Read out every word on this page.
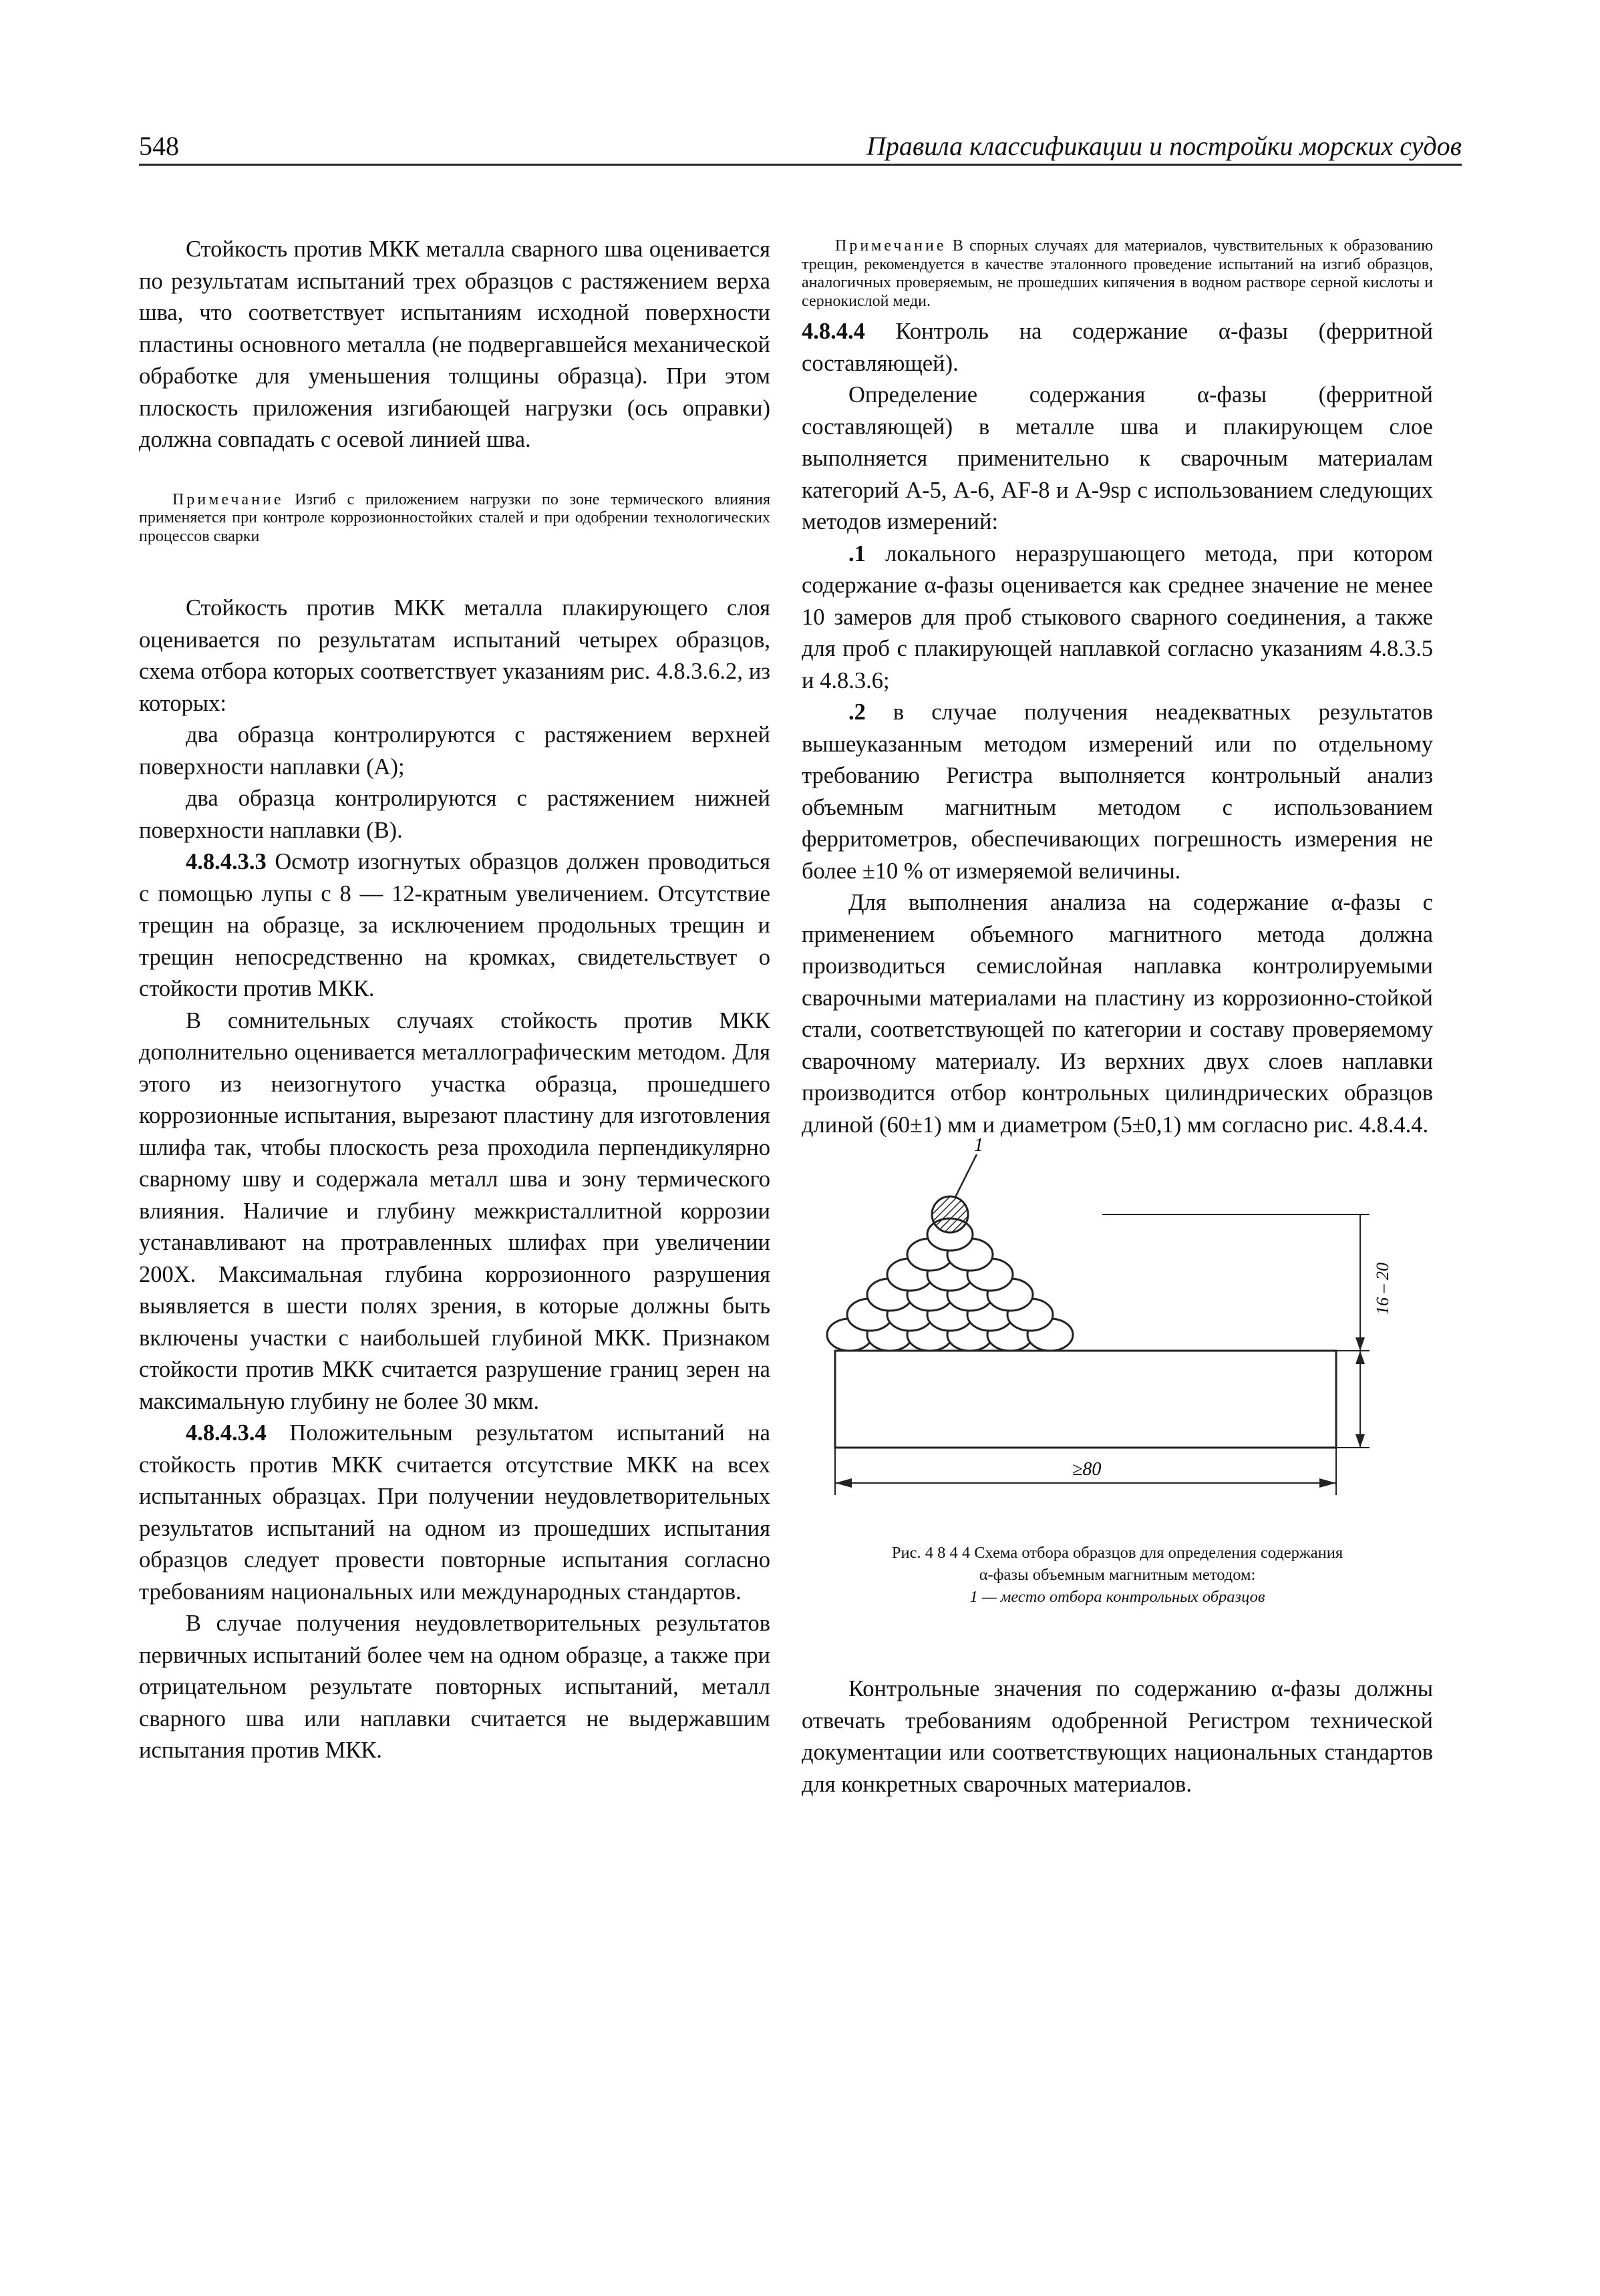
548	Правила классификации и постройки морских судов

Стойкость против МКК металла сварного шва оценивается по результатам испытаний трех образцов с растяжением верха шва, что соответствует испытаниям исходной поверхности пластины основного металла (не подвергавшейся механической обработке для уменьшения толщины образца). При этом плоскость приложения изгибающей нагрузки (ось оправки) должна совпадать с осевой линией шва.

Примечание Изгиб с приложением нагрузки по зоне термического влияния применяется при контроле коррозионностойких сталей и при одобрении технологических процессов сварки

Стойкость против МКК металла плакирующего слоя оценивается по результатам испытаний четырех образцов, схема отбора которых соответствует указаниям рис. 4.8.3.6.2, из которых:

два образца контролируются с растяжением верхней поверхности наплавки (А);

два образца контролируются с растяжением нижней поверхности наплавки (В).

4.8.4.3.3 Осмотр изогнутых образцов должен проводиться с помощью лупы с 8 — 12-кратным увеличением. Отсутствие трещин на образце, за исключением продольных трещин и трещин непосредственно на кромках, свидетельствует о стойкости против МКК.

В сомнительных случаях стойкость против МКК дополнительно оценивается металлографическим методом. Для этого из неизогнутого участка образца, прошедшего коррозионные испытания, вырезают пластину для изготовления шлифа так, чтобы плоскость реза проходила перпендикулярно сварному шву и содержала металл шва и зону термического влияния. Наличие и глубину межкристаллитной коррозии устанавливают на протравленных шлифах при увеличении 200X. Максимальная глубина коррозионного разрушения выявляется в шести полях зрения, в которые должны быть включены участки с наибольшей глубиной МКК. Признаком стойкости против МКК считается разрушение границ зерен на максимальную глубину не более 30 мкм.

4.8.4.3.4 Положительным результатом испытаний на стойкость против МКК считается отсутствие МКК на всех испытанных образцах. При получении неудовлетворительных результатов испытаний на одном из прошедших испытания образцов следует провести повторные испытания согласно требованиям национальных или международных стандартов.

В случае получения неудовлетворительных результатов первичных испытаний более чем на одном образце, а также при отрицательном результате повторных испытаний, металл сварного шва или наплавки считается не выдержавшим испытания против МКК.

Примечание В спорных случаях для материалов, чувствительных к образованию трещин, рекомендуется в качестве эталонного проведение испытаний на изгиб образцов, аналогичных проверяемым, не прошедших кипячения в водном растворе серной кислоты и сернокислой меди.

4.8.4.4 Контроль на содержание α-фазы (ферритной составляющей).

Определение содержания α-фазы (ферритной составляющей) в металле шва и плакирующем слое выполняется применительно к сварочным материалам категорий А-5, А-6, AF-8 и A-9sp с использованием следующих методов измерений:

.1 локального неразрушающего метода, при котором содержание α-фазы оценивается как среднее значение не менее 10 замеров для проб стыкового сварного соединения, а также для проб с плакирующей наплавкой согласно указаниям 4.8.3.5 и 4.8.3.6;

.2 в случае получения неадекватных результатов вышеуказанным методом измерений или по отдельному требованию Регистра выполняется контрольный анализ объемным магнитным методом с использованием ферритометров, обеспечивающих погрешность измерения не более ±10 % от измеряемой величины.

Для выполнения анализа на содержание α-фазы с применением объемного магнитного метода должна производиться семислойная наплавка контролируемыми сварочными материалами на пластину из коррозионно-стойкой стали, соответствующей по категории и составу проверяемому сварочному материалу. Из верхних двух слоев наплавки производится отбор контрольных цилиндрических образцов длиной (60±1) мм и диаметром (5±0,1) мм согласно рис. 4.8.4.4.

1
16 – 20
≥80
Рис. 4 8 4 4 Схема отбора образцов для определения содержания
α-фазы объемным магнитным методом:
1 — место отбора контрольных образцов

Контрольные значения по содержанию α-фазы должны отвечать требованиям одобренной Регистром технической документации или соответствующих национальных стандартов для конкретных сварочных материалов.
